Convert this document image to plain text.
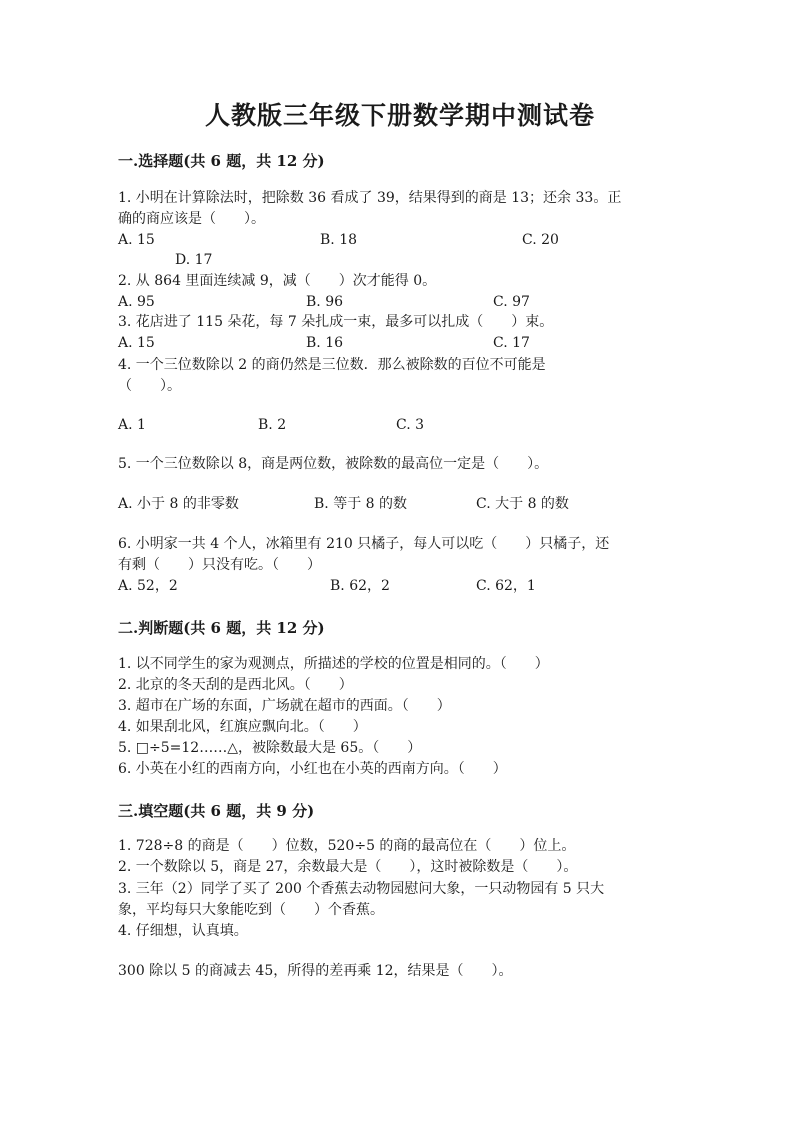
人教版三年级下册数学期中测试卷
一.选择题(共 6 题，共 12 分)
1. 小明在计算除法时，把除数 36 看成了 39，结果得到的商是 13；还余 33。正
确的商应该是（　　）。
A. 15	B. 18	C. 20
D. 17
2. 从 864 里面连续减 9，减（　　）次才能得 0。
A. 95	B. 96	C. 97
3. 花店进了 115 朵花，每 7 朵扎成一束，最多可以扎成（　　）束。
A. 15	B. 16	C. 17
4. 一个三位数除以 2 的商仍然是三位数．那么被除数的百位不可能是
（　　）。
A. 1	B. 2	C. 3
5. 一个三位数除以 8，商是两位数，被除数的最高位一定是（　　）。
A. 小于 8 的非零数	B. 等于 8 的数	C. 大于 8 的数
6. 小明家一共 4 个人，冰箱里有 210 只橘子，每人可以吃（　　）只橘子，还
有剩（　　）只没有吃。（　　）
A. 52，2	B. 62，2	C. 62，1
二.判断题(共 6 题，共 12 分)
1. 以不同学生的家为观测点，所描述的学校的位置是相同的。（　　）
2. 北京的冬天刮的是西北风。（　　）
3. 超市在广场的东面，广场就在超市的西面。（　　）
4. 如果刮北风，红旗应飘向北。（　　）
5. □÷5=12……△，被除数最大是 65。（　　）
6. 小英在小红的西南方向，小红也在小英的西南方向。（　　）
三.填空题(共 6 题，共 9 分)
1. 728÷8 的商是（　　）位数，520÷5 的商的最高位在（　　）位上。
2. 一个数除以 5，商是 27，余数最大是（　　），这时被除数是（　　）。
3. 三年（2）同学了买了 200 个香蕉去动物园慰问大象，一只动物园有 5 只大
象，平均每只大象能吃到（　　）个香蕉。
4. 仔细想，认真填。
300 除以 5 的商减去 45，所得的差再乘 12，结果是（　　）。
